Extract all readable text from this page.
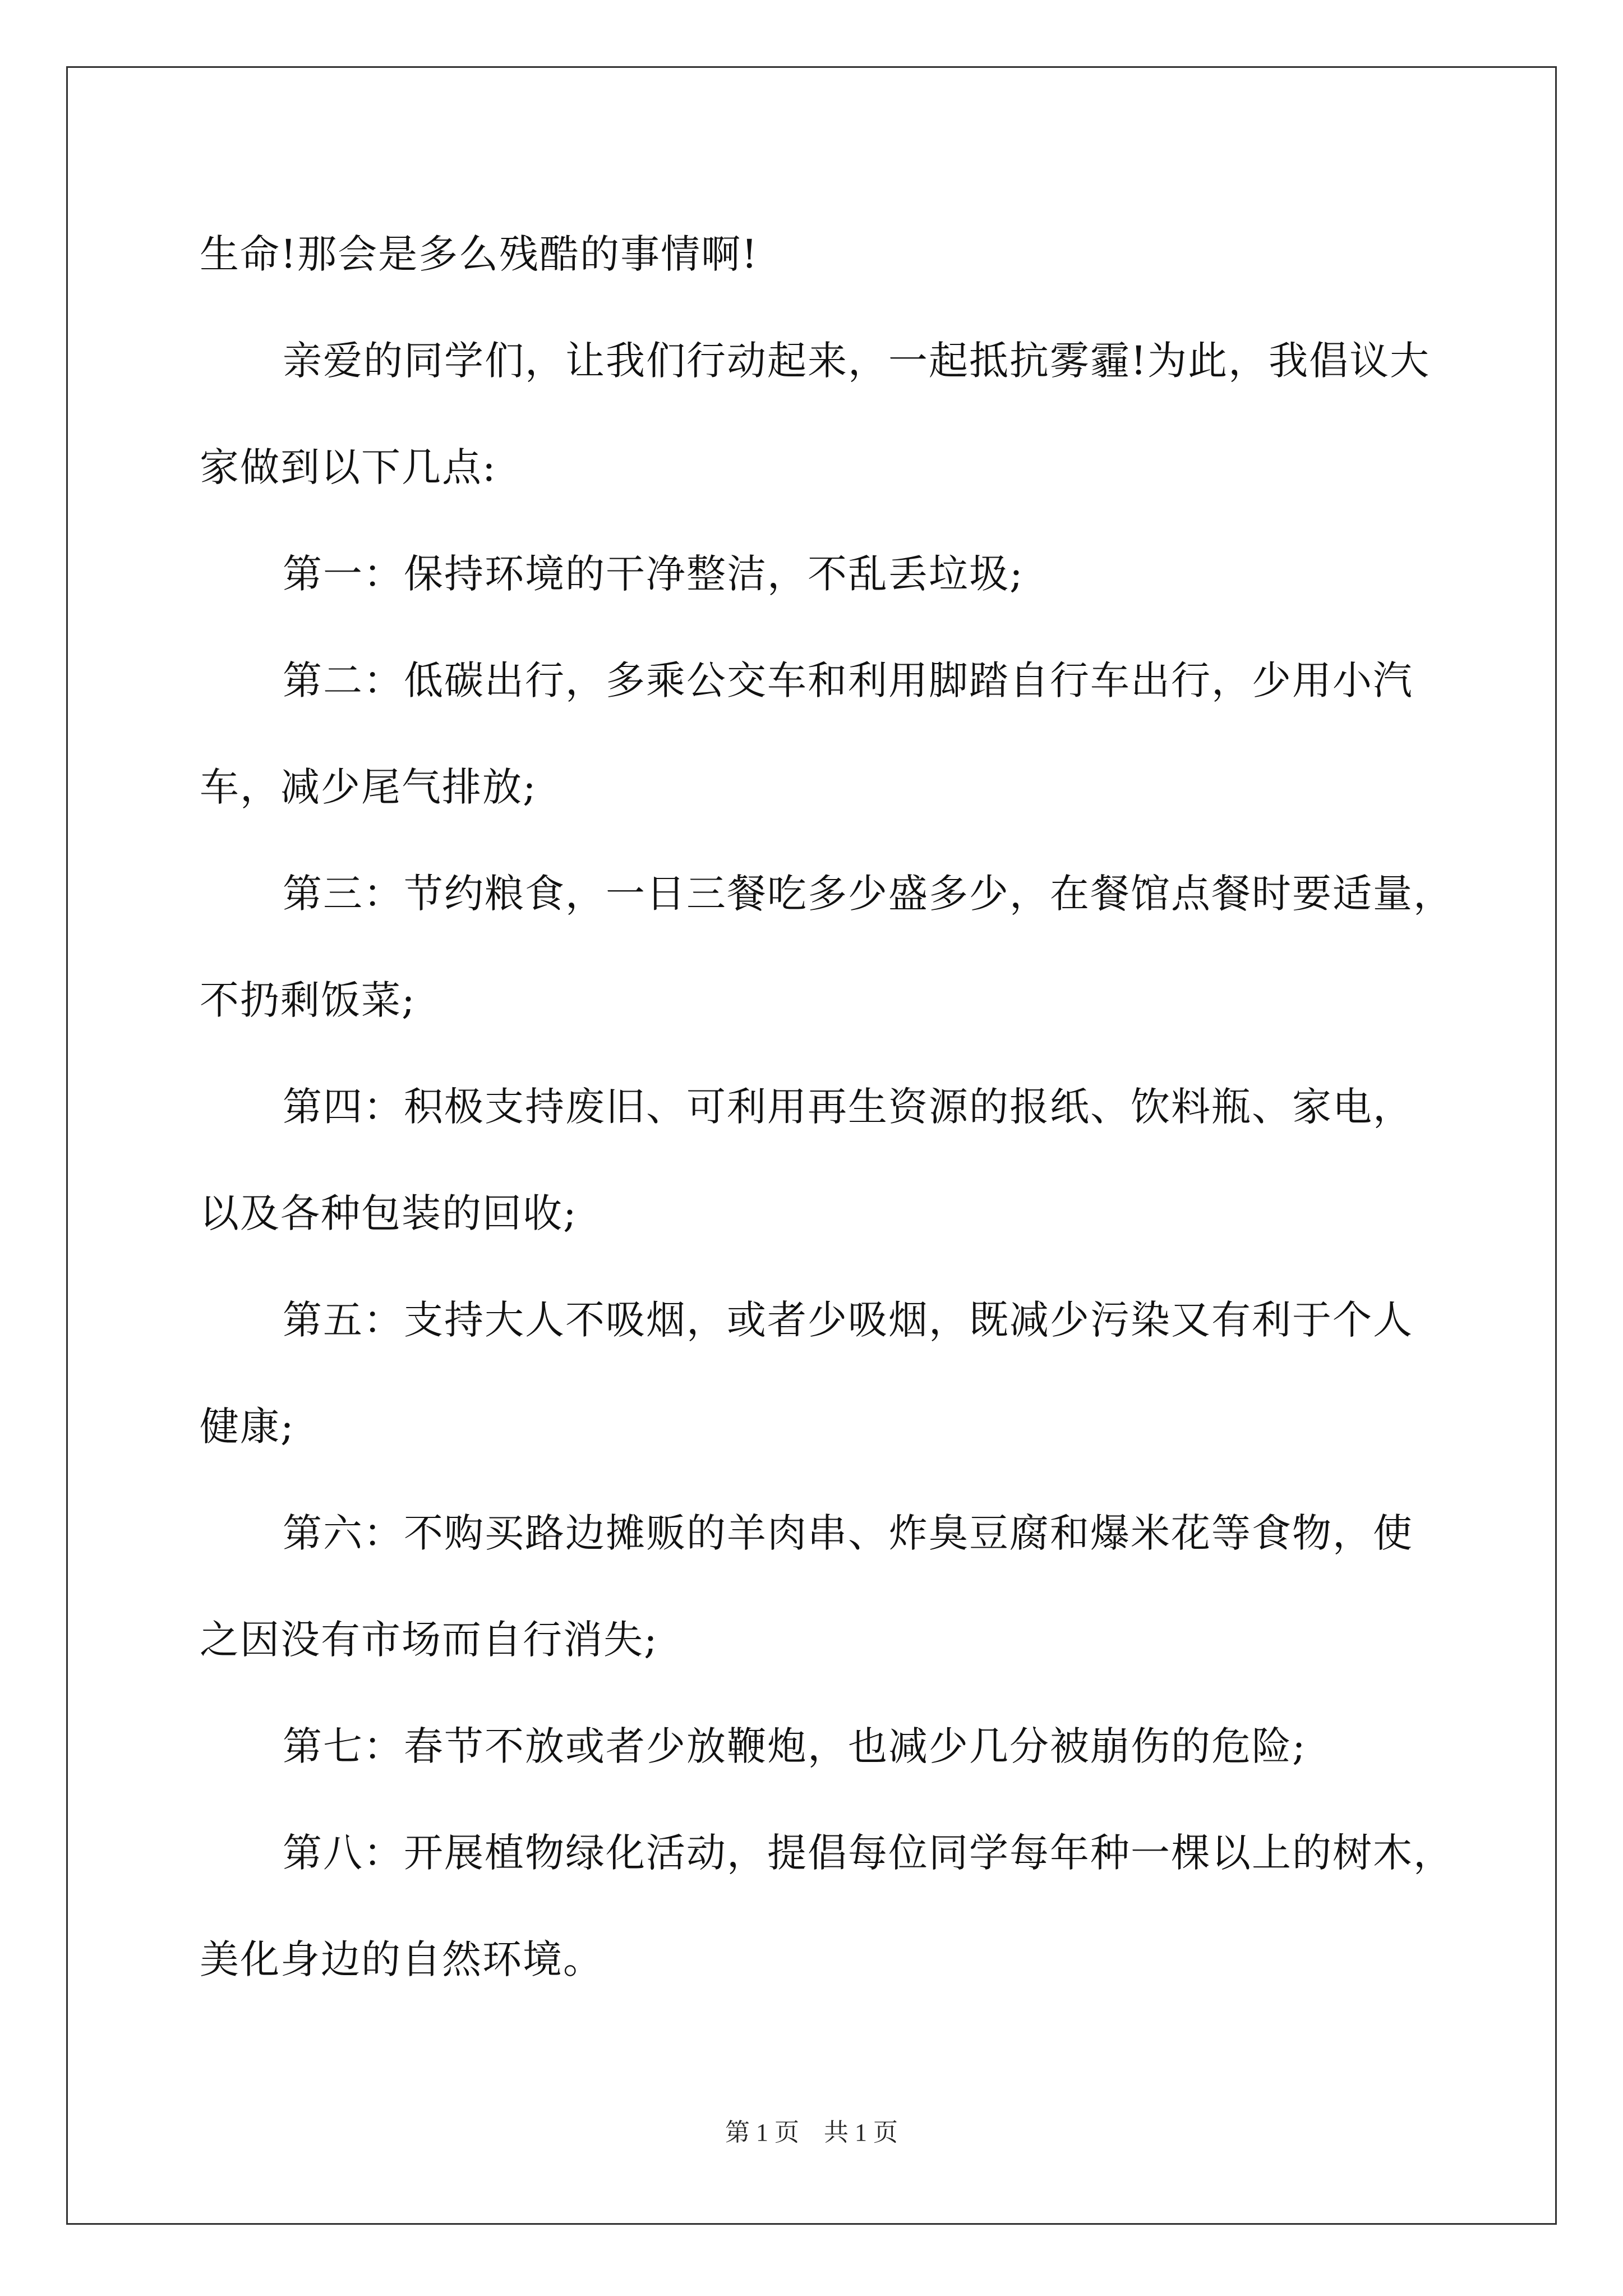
生命!那会是多么残酷的事情啊!
亲爱的同学们，让我们行动起来，一起抵抗雾霾!为此，我倡议大
家做到以下几点:
第一：保持环境的干净整洁，不乱丢垃圾;
第二：低碳出行，多乘公交车和利用脚踏自行车出行，少用小汽
车，减少尾气排放;
第三：节约粮食，一日三餐吃多少盛多少，在餐馆点餐时要适量，
不扔剩饭菜;
第四：积极支持废旧、可利用再生资源的报纸、饮料瓶、家电，
以及各种包装的回收;
第五：支持大人不吸烟，或者少吸烟，既减少污染又有利于个人
健康;
第六：不购买路边摊贩的羊肉串、炸臭豆腐和爆米花等食物，使
之因没有市场而自行消失;
第七：春节不放或者少放鞭炮，也减少几分被崩伤的危险;
第八：开展植物绿化活动，提倡每位同学每年种一棵以上的树木，
美化身边的自然环境。
第 1 页　共 1 页
